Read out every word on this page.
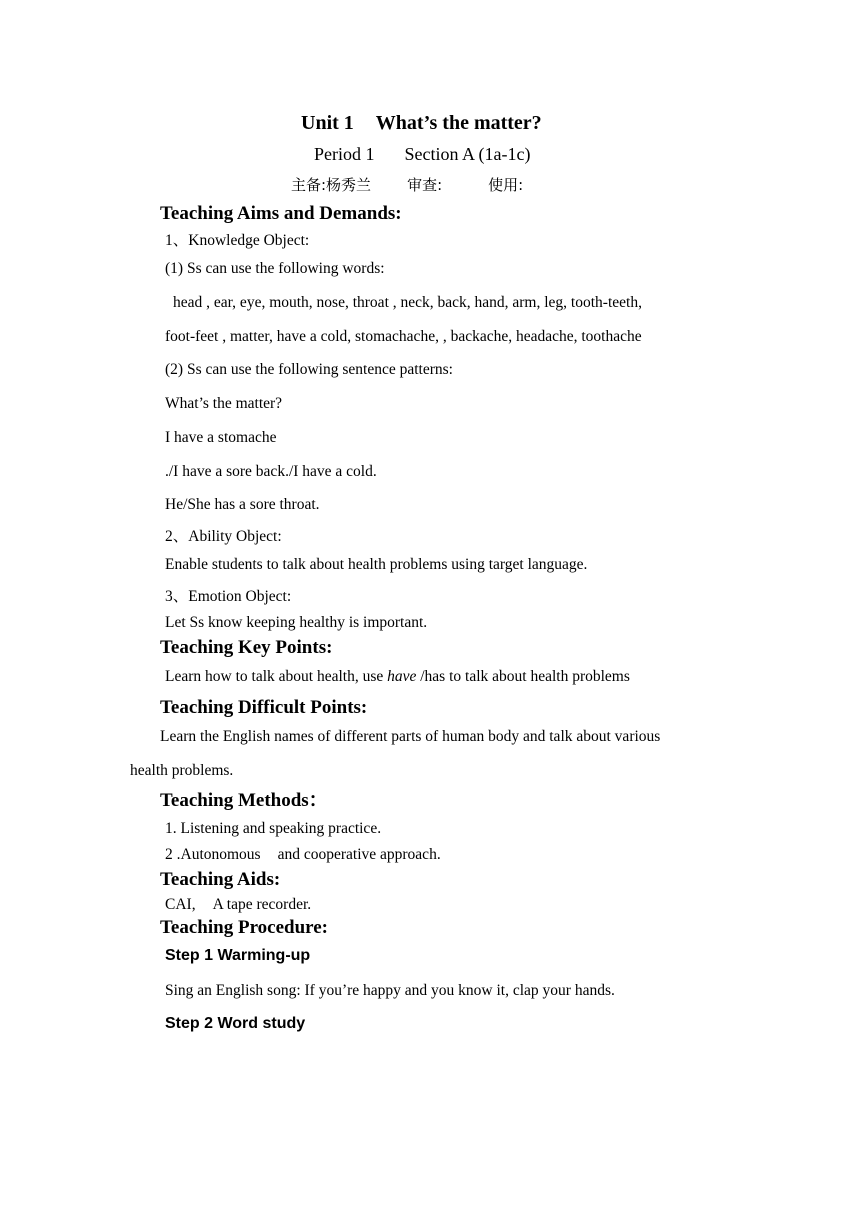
Unit 1 What’s the matter?
Period 1 Section A (1a-1c)
主备:杨秀兰 审查:	使用:
Teaching Aims and Demands:
1、Knowledge Object:
(1) Ss can use the following words:
head , ear, eye, mouth, nose, throat , neck, back, hand, arm, leg, tooth-teeth,
foot-feet , matter, have a cold, stomachache, , backache, headache, toothache
(2) Ss can use the following sentence patterns:
What’s the matter?
I have a stomache
./I have a sore back./I have a cold.
He/She has a sore throat.
2、Ability Object:
Enable students to talk about health problems using target language.
3、Emotion Object:
Let Ss know keeping healthy is important.
Teaching Key Points:
Learn how to talk about health, use have /has to talk about health problems
Teaching Difficult Points:
Learn the English names of different parts of human body and talk about various
health problems.
Teaching Methods：
1. Listening and speaking practice.
2 .Autonomous and cooperative approach.
Teaching Aids:
CAI, A tape recorder.
Teaching Procedure:
Step 1 Warming-up
Sing an English song: If you’re happy and you know it, clap your hands.
Step 2 Word study
